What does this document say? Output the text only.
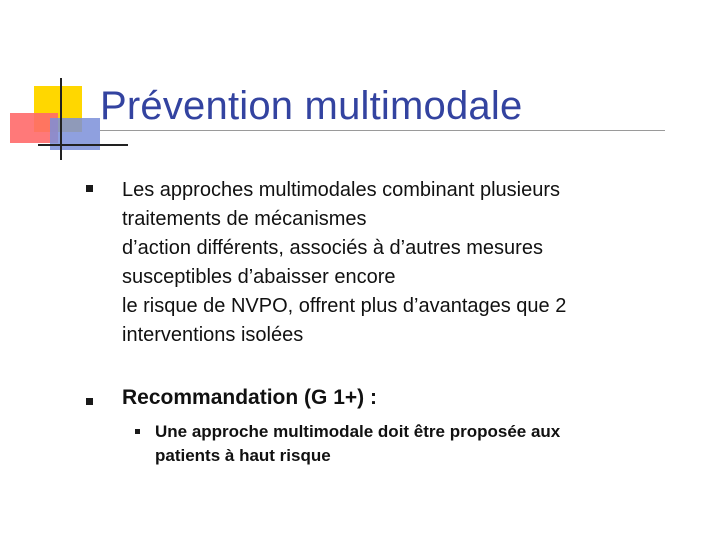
Prévention multimodale
Les approches multimodales combinant plusieurs
traitements de mécanismes
d’action différents, associés à d’autres mesures
susceptibles d’abaisser encore
le risque de NVPO, offrent plus d’avantages que 2
interventions isolées
Recommandation (G 1+) :
Une approche multimodale doit être proposée aux
patients à haut risque
